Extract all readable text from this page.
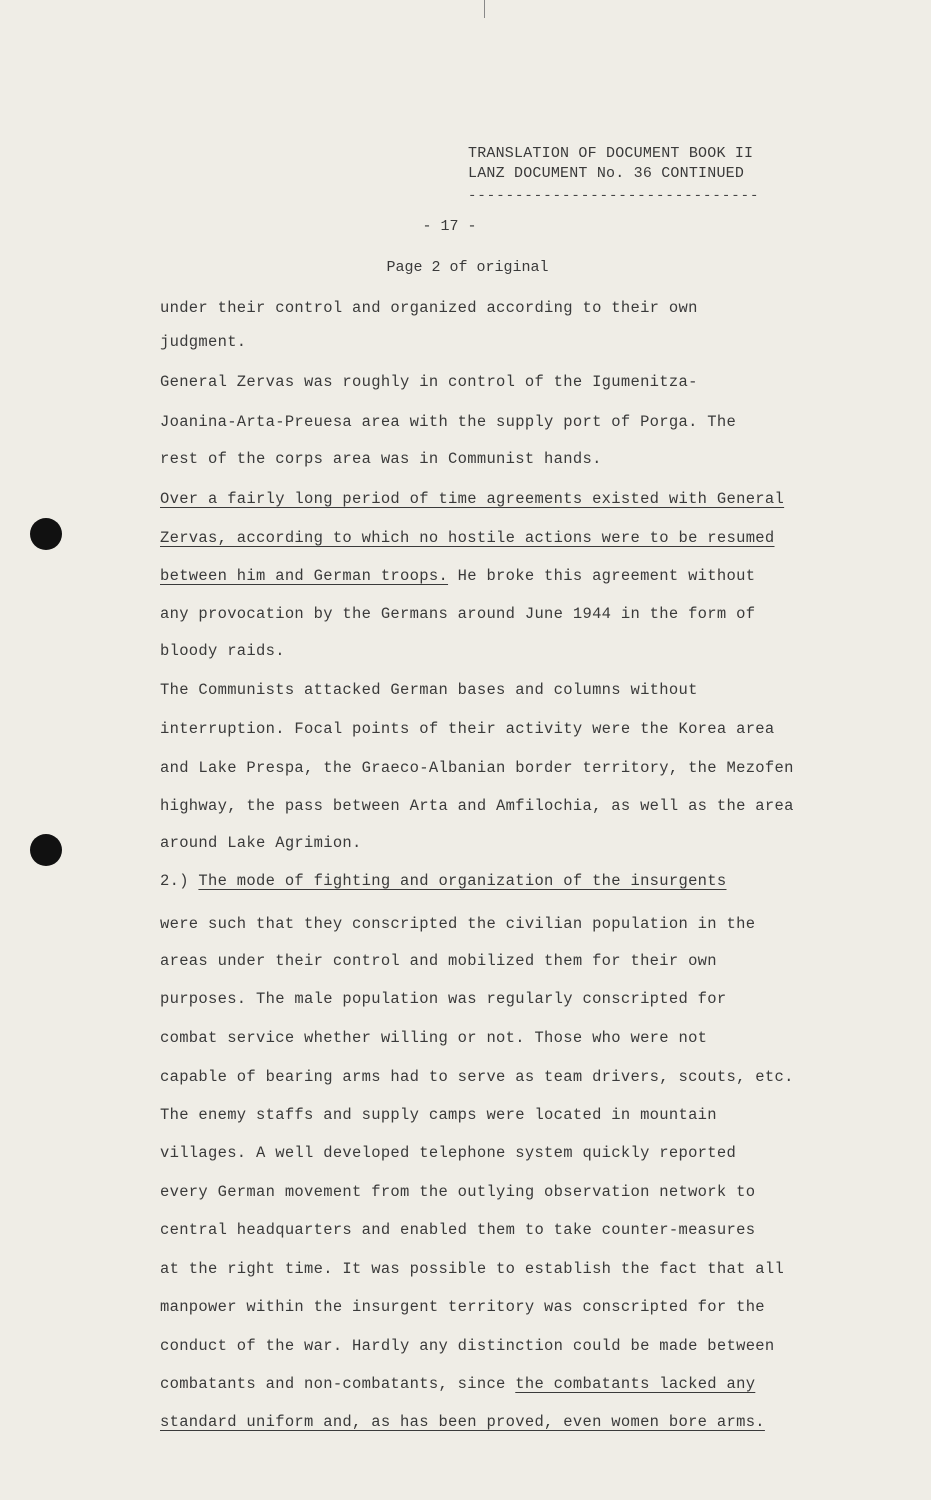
TRANSLATION OF DOCUMENT BOOK II
LANZ DOCUMENT No. 36 CONTINUED
-------------------------------
- 17 -
Page 2 of original
under their control and organized according to their own
judgment.
General Zervas was roughly in control of the Igumenitza-
Joanina-Arta-Preuesa area with the supply port of Porga. The
rest of the corps area was in Communist hands.
Over a fairly long period of time agreements existed with General
Zervas, according to which no hostile actions were to be resumed
between him and German troops. He broke this agreement without
any provocation by the Germans around June 1944 in the form of
bloody raids.
The Communists attacked German bases and columns without
interruption. Focal points of their activity were the Korea area
and Lake Prespa, the Graeco-Albanian border territory, the Mezofen
highway, the pass between Arta and Amfilochia, as well as the area
around Lake Agrimion.
2.) The mode of fighting and organization of the insurgents
were such that they conscripted the civilian population in the
areas under their control and mobilized them for their own
purposes. The male population was regularly conscripted for
combat service whether willing or not. Those who were not
capable of bearing arms had to serve as team drivers, scouts, etc.
The enemy staffs and supply camps were located in mountain
villages. A well developed telephone system quickly reported
every German movement from the outlying observation network to
central headquarters and enabled them to take counter-measures
at the right time. It was possible to establish the fact that all
manpower within the insurgent territory was conscripted for the
conduct of the war. Hardly any distinction could be made between
combatants and non-combatants, since the combatants lacked any
standard uniform and, as has been proved, even women bore arms.
